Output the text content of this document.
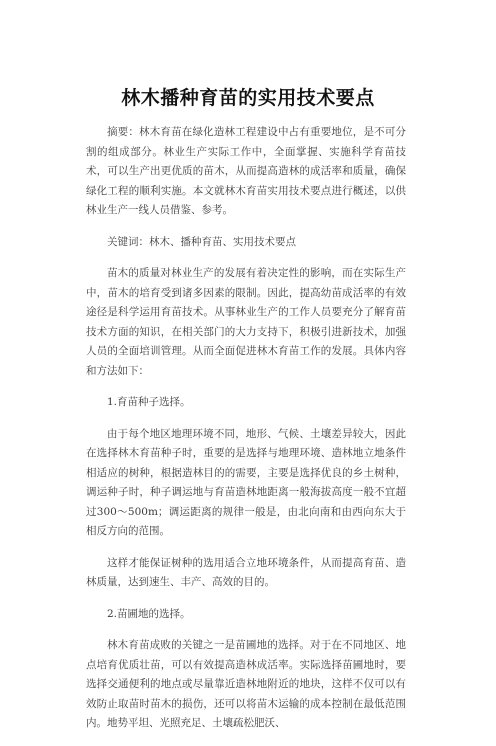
林木播种育苗的实用技术要点

摘要：林木育苗在绿化造林工程建设中占有重要地位，是不可分割的组成部分。林业生产实际工作中，全面掌握、实施科学育苗技术，可以生产出更优质的苗木，从而提高造林的成活率和质量，确保绿化工程的顺利实施。本文就林木育苗实用技术要点进行概述，以供林业生产一线人员借鉴、参考。

关键词：林木、播种育苗、实用技术要点

苗木的质量对林业生产的发展有着决定性的影响，而在实际生产中，苗木的培育受到诸多因素的限制。因此，提高幼苗成活率的有效途径是科学运用育苗技术。从事林业生产的工作人员要充分了解育苗技术方面的知识，在相关部门的大力支持下，积极引进新技术，加强人员的全面培训管理。从而全面促进林木育苗工作的发展。具体内容和方法如下：

1.育苗种子选择。

由于每个地区地理环境不同，地形、气候、土壤差异较大，因此在选择林木育苗种子时，重要的是选择与地理环境、造林地立地条件相适应的树种，根据造林目的的需要，主要是选择优良的乡土树种，调运种子时，种子调运地与育苗造林地距离一般海拔高度一般不宜超过300～500m；调运距离的规律一般是，由北向南和由西向东大于相反方向的范围。

这样才能保证树种的选用适合立地环境条件，从而提高育苗、造林质量，达到速生、丰产、高效的目的。

2.苗圃地的选择。

林木育苗成败的关键之一是苗圃地的选择。对于在不同地区、地点培育优质壮苗，可以有效提高造林成活率。实际选择苗圃地时，要选择交通便利的地点或尽量靠近造林地附近的地块，这样不仅可以有效防止取苗时苗木的损伤，还可以将苗木运输的成本控制在最低范围内。地势平坦、光照充足、土壤疏松肥沃、
